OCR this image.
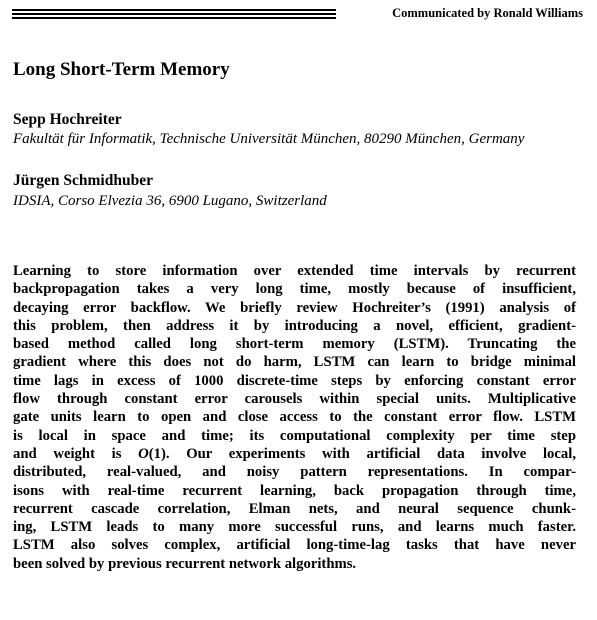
Communicated by Ronald Williams
Long Short-Term Memory
Sepp Hochreiter
Fakultät für Informatik, Technische Universität München, 80290 München, Germany
Jürgen Schmidhuber
IDSIA, Corso Elvezia 36, 6900 Lugano, Switzerland
Learning to store information over extended time intervals by recurrent
backpropagation takes a very long time, mostly because of insufficient,
decaying error backflow. We briefly review Hochreiter’s (1991) analysis of
this problem, then address it by introducing a novel, efficient, gradient-
based method called long short-term memory (LSTM). Truncating the
gradient where this does not do harm, LSTM can learn to bridge minimal
time lags in excess of 1000 discrete-time steps by enforcing constant error
flow through constant error carousels within special units. Multiplicative
gate units learn to open and close access to the constant error flow. LSTM
is local in space and time; its computational complexity per time step
and weight is O(1). Our experiments with artificial data involve local,
distributed, real-valued, and noisy pattern representations. In compar-
isons with real-time recurrent learning, back propagation through time,
recurrent cascade correlation, Elman nets, and neural sequence chunk-
ing, LSTM leads to many more successful runs, and learns much faster.
LSTM also solves complex, artificial long-time-lag tasks that have never
been solved by previous recurrent network algorithms.
